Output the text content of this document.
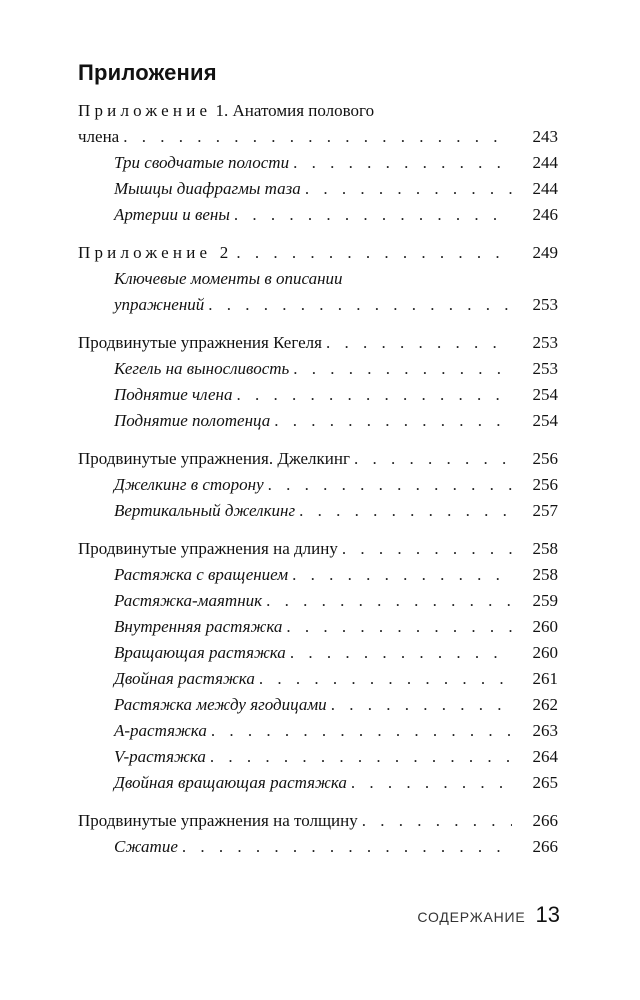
Приложения
Приложение 1. Анатомия полового
члена . . .	243
Три сводчатые полости . . .	244
Мышцы диафрагмы таза . . .	244
Артерии и вены . . .	246
Приложение 2 . . .	249
Ключевые моменты в описании
упражнений . . .	253
Продвинутые упражнения Кегеля . . .	253
Кегель на выносливость . . .	253
Поднятие члена . . .	254
Поднятие полотенца . . .	254
Продвинутые упражнения. Джелкинг . . .	256
Джелкинг в сторону . . .	256
Вертикальный джелкинг . . .	257
Продвинутые упражнения на длину . . .	258
Растяжка с вращением . . .	258
Растяжка-маятник . . .	259
Внутренняя растяжка . . .	260
Вращающая растяжка . . .	260
Двойная растяжка . . .	261
Растяжка между ягодицами . . .	262
А-растяжка . . .	263
V-растяжка . . .	264
Двойная вращающая растяжка . . .	265
Продвинутые упражнения на толщину . . .	266
Сжатие . . .	266
СОДЕРЖАНИЕ 13
